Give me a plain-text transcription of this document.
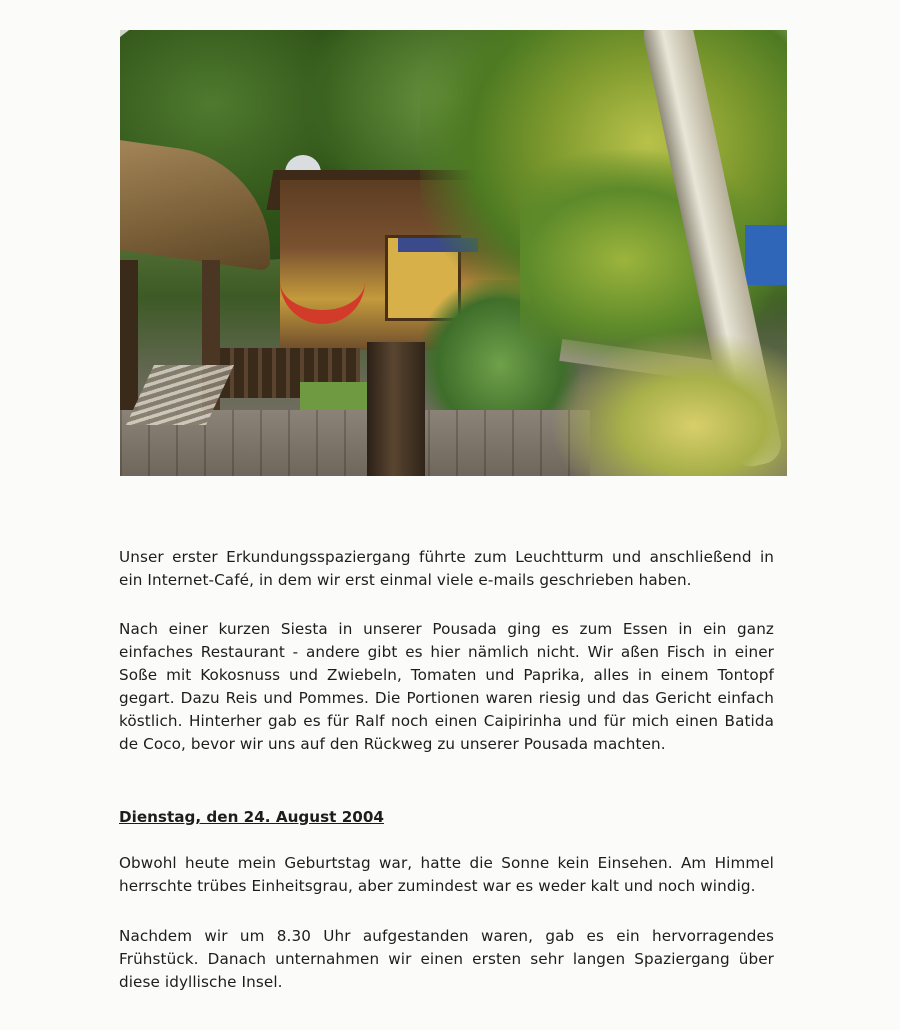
Unser erster Erkundungsspaziergang führte zum Leuchtturm und anschließend in ein Internet-Café, in dem wir erst einmal viele e-mails geschrieben haben.

Nach einer kurzen Siesta in unserer Pousada ging es zum Essen in ein ganz einfaches Restaurant - andere gibt es hier nämlich nicht. Wir aßen Fisch in einer Soße mit Kokosnuss und Zwiebeln, Tomaten und Paprika, alles in einem Tontopf gegart. Dazu Reis und Pommes. Die Portionen waren riesig und das Gericht einfach köstlich. Hinterher gab es für Ralf noch einen Caipirinha und für mich einen Batida de Coco, bevor wir uns auf den Rückweg zu unserer Pousada machten.

Dienstag, den 24. August 2004

Obwohl heute mein Geburtstag war, hatte die Sonne kein Einsehen. Am Himmel herrschte trübes Einheitsgrau, aber zumindest war es weder kalt und noch windig.

Nachdem wir um 8.30 Uhr aufgestanden waren, gab es ein hervorragendes Frühstück. Danach unternahmen wir einen ersten sehr langen Spaziergang über diese idyllische Insel.
